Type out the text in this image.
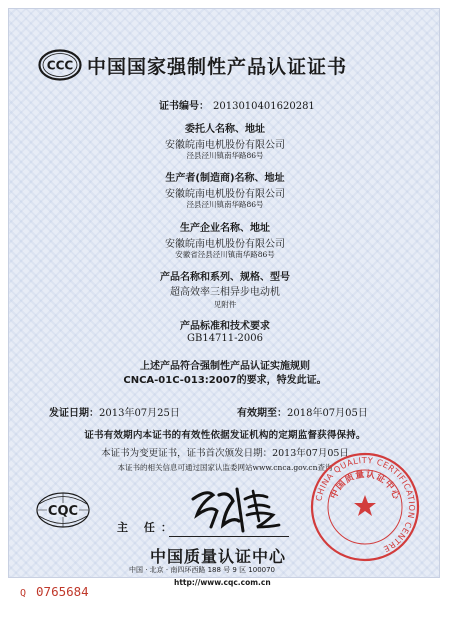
CCC 中国国家强制性产品认证证书
证书编号： 2013010401620281
委托人名称、地址
安徽皖南电机股份有限公司
泾县泾川镇南华路86号
生产者(制造商)名称、地址
安徽皖南电机股份有限公司
泾县泾川镇南华路86号
生产企业名称、地址
安徽皖南电机股份有限公司
安徽省泾县泾川镇南华路86号
产品名称和系列、规格、型号
超高效率三相异步电动机
见附件
产品标准和技术要求
GB14711-2006
上述产品符合强制性产品认证实施规则
CNCA-01C-013:2007的要求，特发此证。
发证日期：2013年07月25日	有效期至：2018年07月05日
证书有效期内本证书的有效性依据发证机构的定期监督获得保持。
本证书为变更证书，证书首次颁发日期：2013年07月05日
本证书的相关信息可通过国家认监委网站www.cnca.gov.cn查询
CQC
主 任：
中国质量认证中心
中国 · 北京 · 南四环西路 188 号 9 区 100070
http://www.cqc.com.cn
CHINA QUALITY CERTIFICATION CENTRE
中国质量认证中心
Q 0765684
